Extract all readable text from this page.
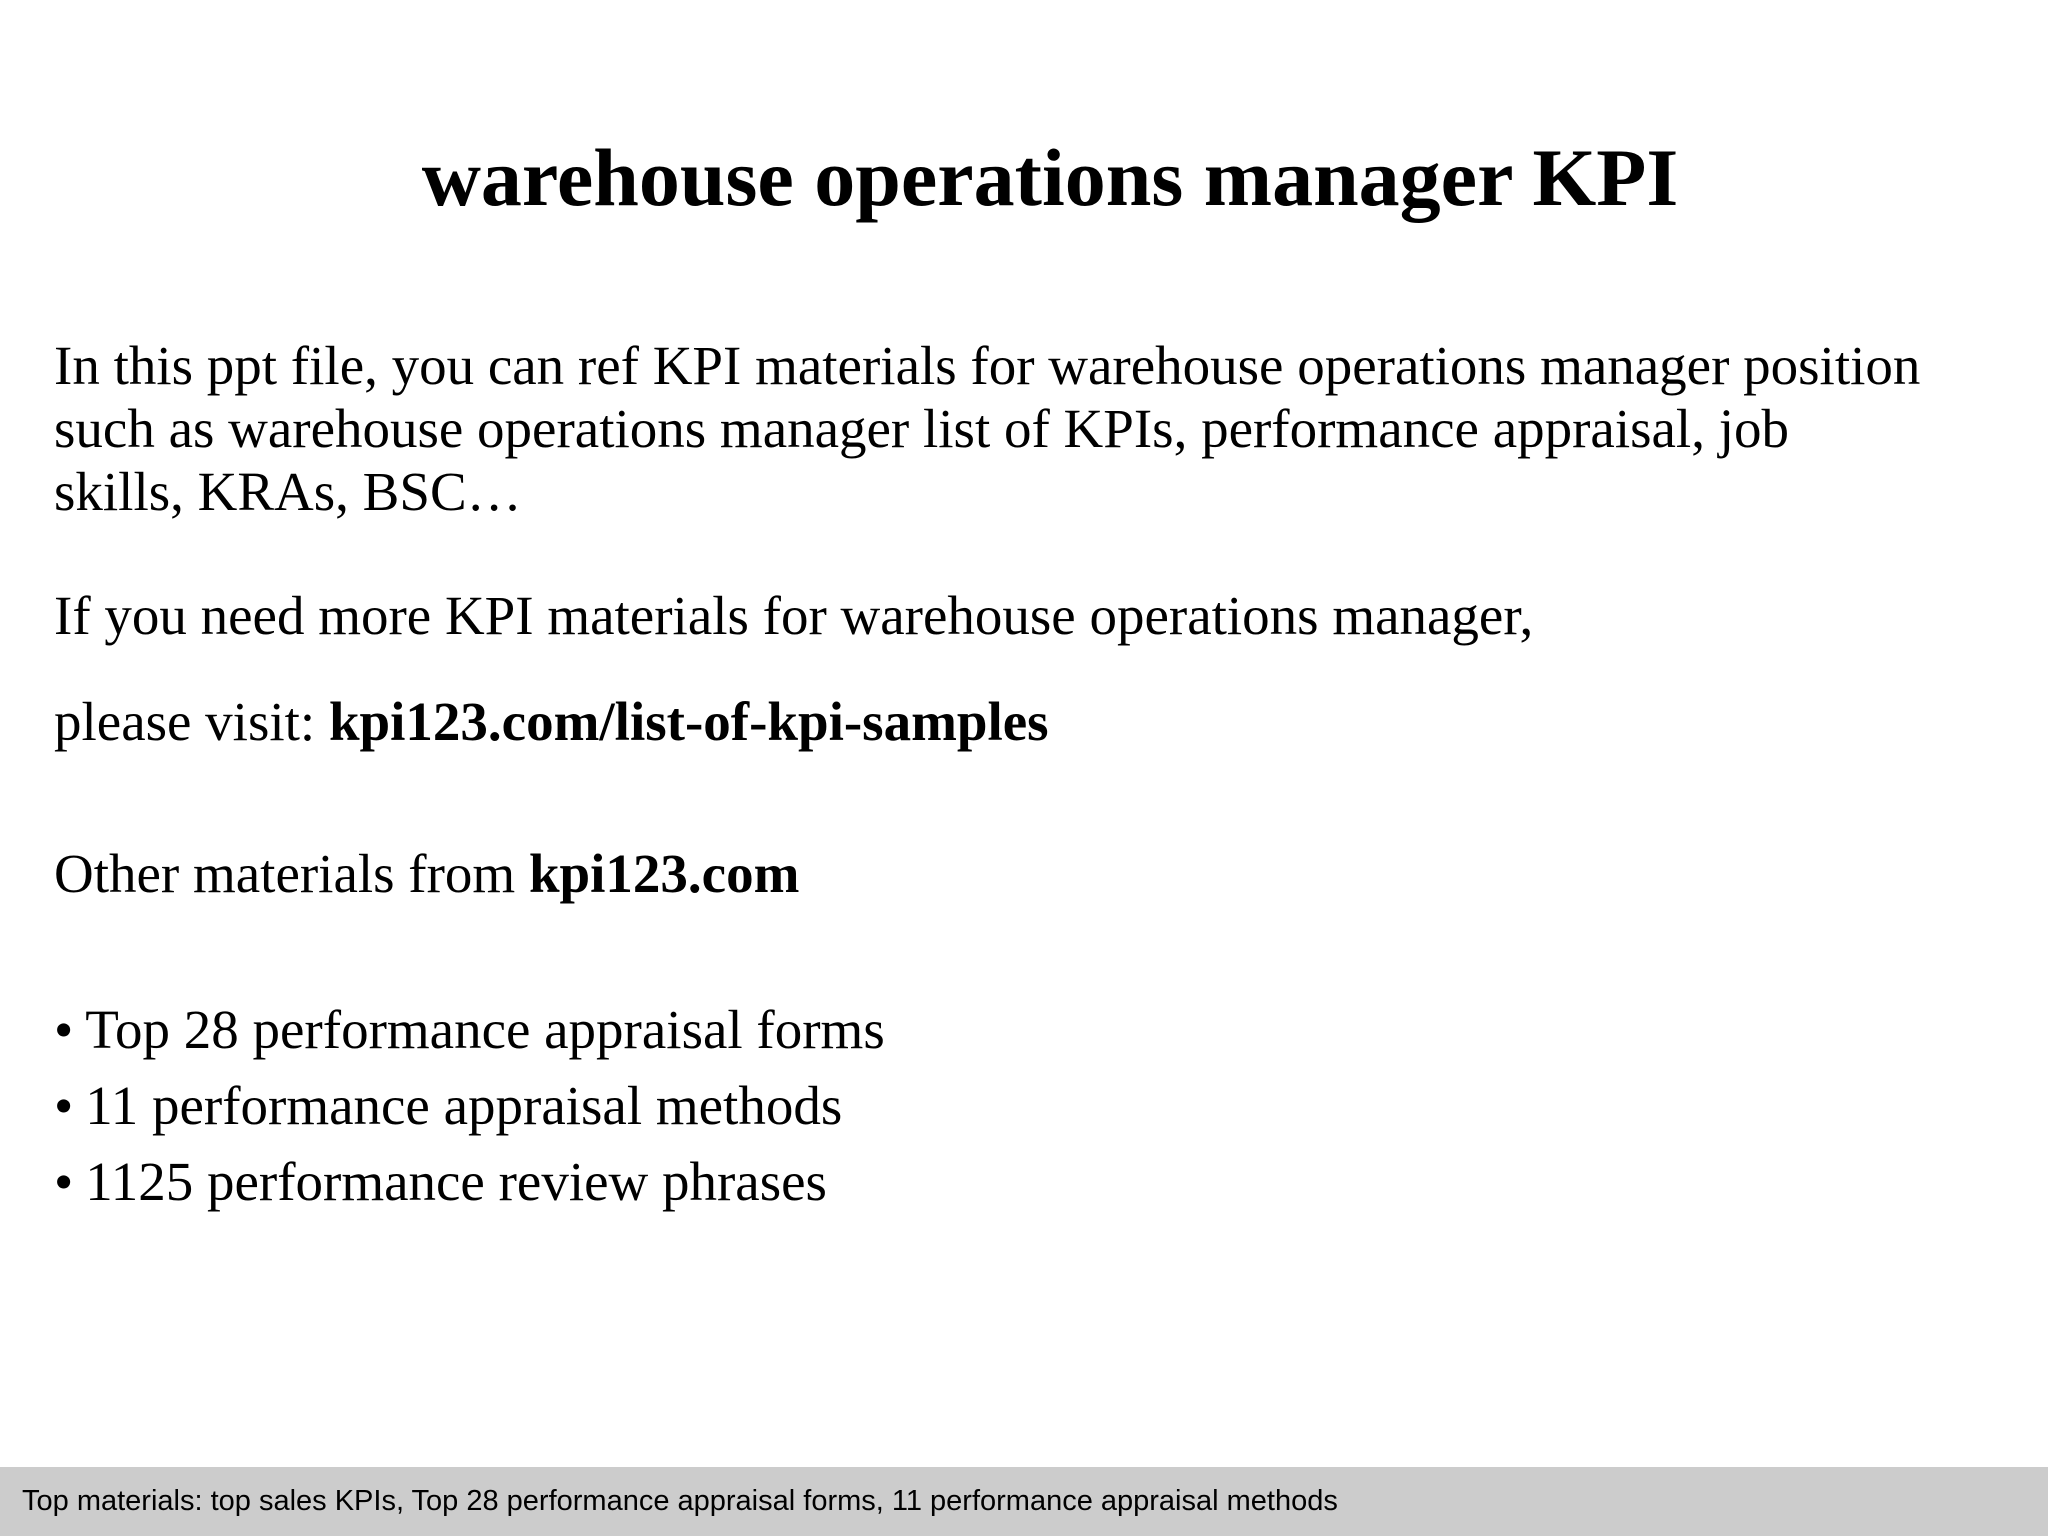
warehouse operations manager KPI
In this ppt file, you can ref KPI materials for warehouse operations manager position
such as warehouse operations manager list of KPIs, performance appraisal, job
skills, KRAs, BSC…
If you need more KPI materials for warehouse operations manager,
please visit: kpi123.com/list-of-kpi-samples
Other materials from kpi123.com
• Top 28 performance appraisal forms
• 11 performance appraisal methods
• 1125 performance review phrases
Top materials: top sales KPIs, Top 28 performance appraisal forms, 11 performance appraisal methods
